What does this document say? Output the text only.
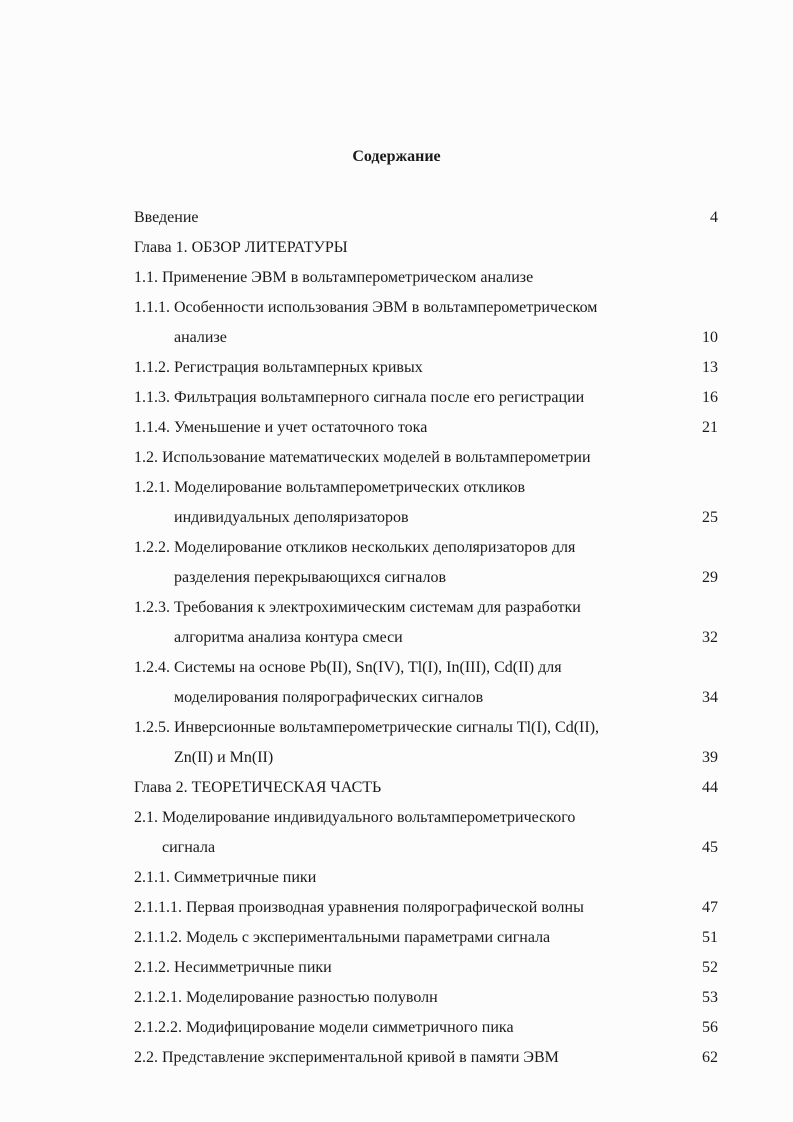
Содержание
Введение	4
Глава 1. ОБЗОР ЛИТЕРАТУРЫ
1.1. Применение ЭВМ в вольтамперометрическом анализе
1.1.1. Особенности использования ЭВМ в вольтамперометрическом
анализе	10
1.1.2. Регистрация вольтамперных кривых	13
1.1.3. Фильтрация вольтамперного сигнала после его регистрации	16
1.1.4. Уменьшение и учет остаточного тока	21
1.2. Использование математических моделей в вольтамперометрии
1.2.1. Моделирование вольтамперометрических откликов
индивидуальных деполяризаторов	25
1.2.2. Моделирование откликов нескольких деполяризаторов для
разделения перекрывающихся сигналов	29
1.2.3. Требования к электрохимическим системам для разработки
алгоритма анализа контура смеси	32
1.2.4. Системы на основе Pb(II), Sn(IV), Tl(I), In(III), Cd(II) для
моделирования полярографических сигналов	34
1.2.5. Инверсионные вольтамперометрические сигналы Tl(I), Cd(II),
Zn(II) и Mn(II)	39
Глава 2. ТЕОРЕТИЧЕСКАЯ ЧАСТЬ	44
2.1. Моделирование индивидуального вольтамперометрического
сигнала	45
2.1.1. Симметричные пики
2.1.1.1. Первая производная уравнения полярографической волны	47
2.1.1.2. Модель с экспериментальными параметрами сигнала	51
2.1.2. Несимметричные пики	52
2.1.2.1. Моделирование разностью полуволн	53
2.1.2.2. Модифицирование модели симметричного пика	56
2.2. Представление экспериментальной кривой в памяти ЭВМ	62
